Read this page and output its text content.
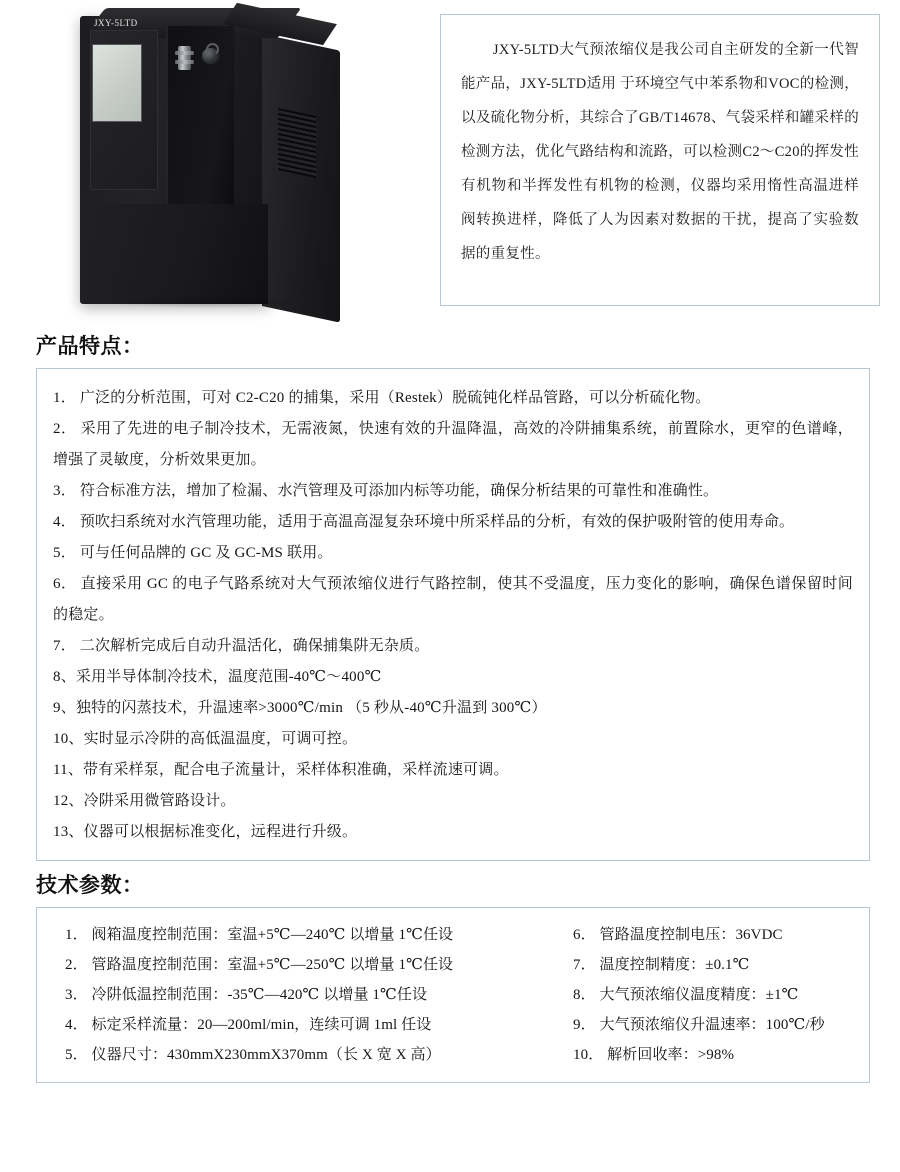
JXY-5LTD
JXY-5LTD大气预浓缩仪是我公司自主研发的全新一代智能产品，JXY-5LTD适用 于环境空气中苯系物和VOC的检测，以及硫化物分析，其综合了GB/T14678、气袋采样和罐采样的检测方法，优化气路结构和流路，可以检测C2～C20的挥发性有机物和半挥发性有机物的检测，仪器均采用惰性高温进样阀转换进样，降低了人为因素对数据的干扰，提高了实验数据的重复性。
产品特点：
1． 广泛的分析范围，可对 C2-C20 的捕集，采用（Restek）脱硫钝化样品管路，可以分析硫化物。
2． 采用了先进的电子制冷技术，无需液氮，快速有效的升温降温，高效的冷阱捕集系统，前置除水，更窄的色谱峰，增强了灵敏度，分析效果更加。
3． 符合标准方法，增加了检漏、水汽管理及可添加内标等功能，确保分析结果的可靠性和准确性。
4． 预吹扫系统对水汽管理功能，适用于高温高湿复杂环境中所采样品的分析，有效的保护吸附管的使用寿命。
5． 可与任何品牌的 GC 及 GC-MS 联用。
6． 直接采用 GC 的电子气路系统对大气预浓缩仪进行气路控制，使其不受温度，压力变化的影响，确保色谱保留时间的稳定。
7． 二次解析完成后自动升温活化，确保捕集阱无杂质。
8、采用半导体制冷技术，温度范围-40℃～400℃
9、独特的闪蒸技术，升温速率>3000℃/min （5 秒从-40℃升温到 300℃）
10、实时显示冷阱的高低温温度，可调可控。
11、带有采样泵，配合电子流量计，采样体积准确，采样流速可调。
12、冷阱采用微管路设计。
13、仪器可以根据标准变化，远程进行升级。
技术参数：
1． 阀箱温度控制范围：室温+5℃—240℃ 以增量 1℃任设
2． 管路温度控制范围：室温+5℃—250℃ 以增量 1℃任设
3． 冷阱低温控制范围：-35℃—420℃ 以增量 1℃任设
4． 标定采样流量：20—200ml/min，连续可调 1ml 任设
5． 仪器尺寸：430mmX230mmX370mm（长 X 宽 X 高）
6． 管路温度控制电压：36VDC
7． 温度控制精度：±0.1℃
8． 大气预浓缩仪温度精度：±1℃
9． 大气预浓缩仪升温速率：100℃/秒
10． 解析回收率：>98%
